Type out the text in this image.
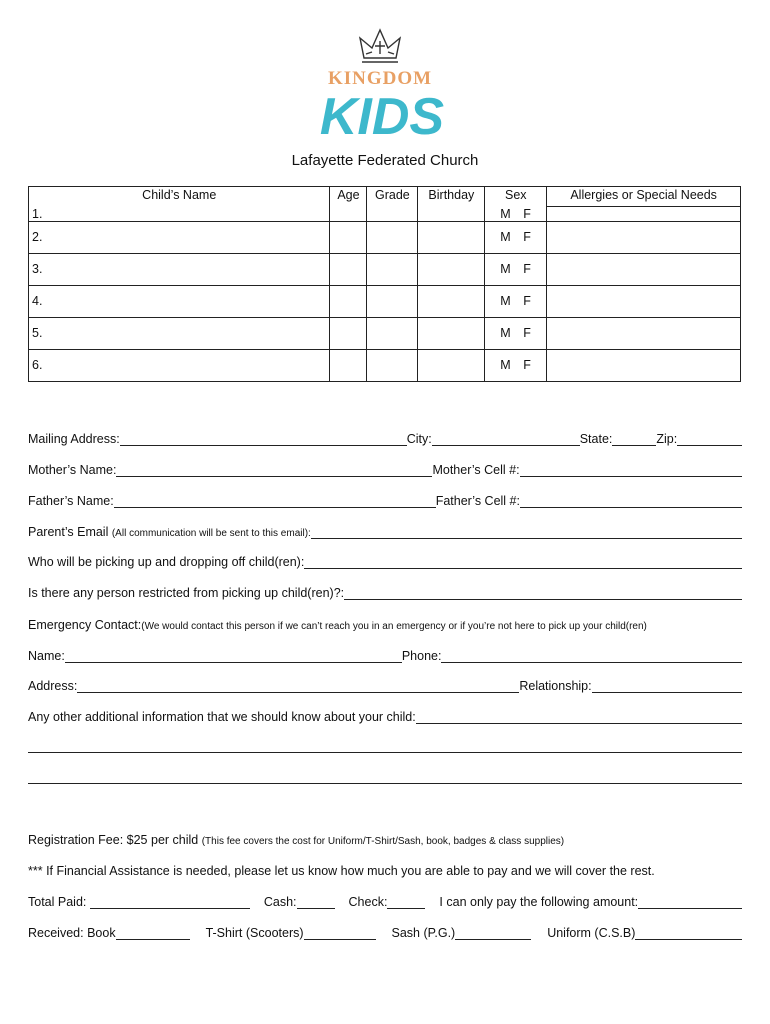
KINGDOM
KIDS
Lafayette Federated Church
Child’s Name	Age	Grade	Birthday	Sex	Allergies or Special Needs
1.				M F	
2.				M F	
3.				M F	
4.				M F	
5.				M F	
6.				M F	
Mailing Address:	City:	State:	Zip:
Mother’s Name:	Mother’s Cell #:
Father’s Name:	Father’s Cell #:
Parent’s Email
(All communication will be sent to this email):
Who will be picking up and dropping off child(ren):
Is there any person restricted from picking up child(ren)?:
Emergency Contact: (We would contact this person if we can’t reach you in an emergency or if you’re not here to pick up your child(ren)
Name:	Phone:
Address:	Relationship:
Any other additional information that we should know about your child:
Registration Fee: $25 per child
(This fee covers the cost for Uniform/T-Shirt/Sash, book, badges & class supplies)
*** If Financial Assistance is needed, please let us know how much you are able to pay and we will cover the rest.
Total Paid:
	Cash:	Check:	I can only pay the following amount:
Received:
Book	T-Shirt (Scooters)	Sash (P.G.)	Uniform (C.S.B)
